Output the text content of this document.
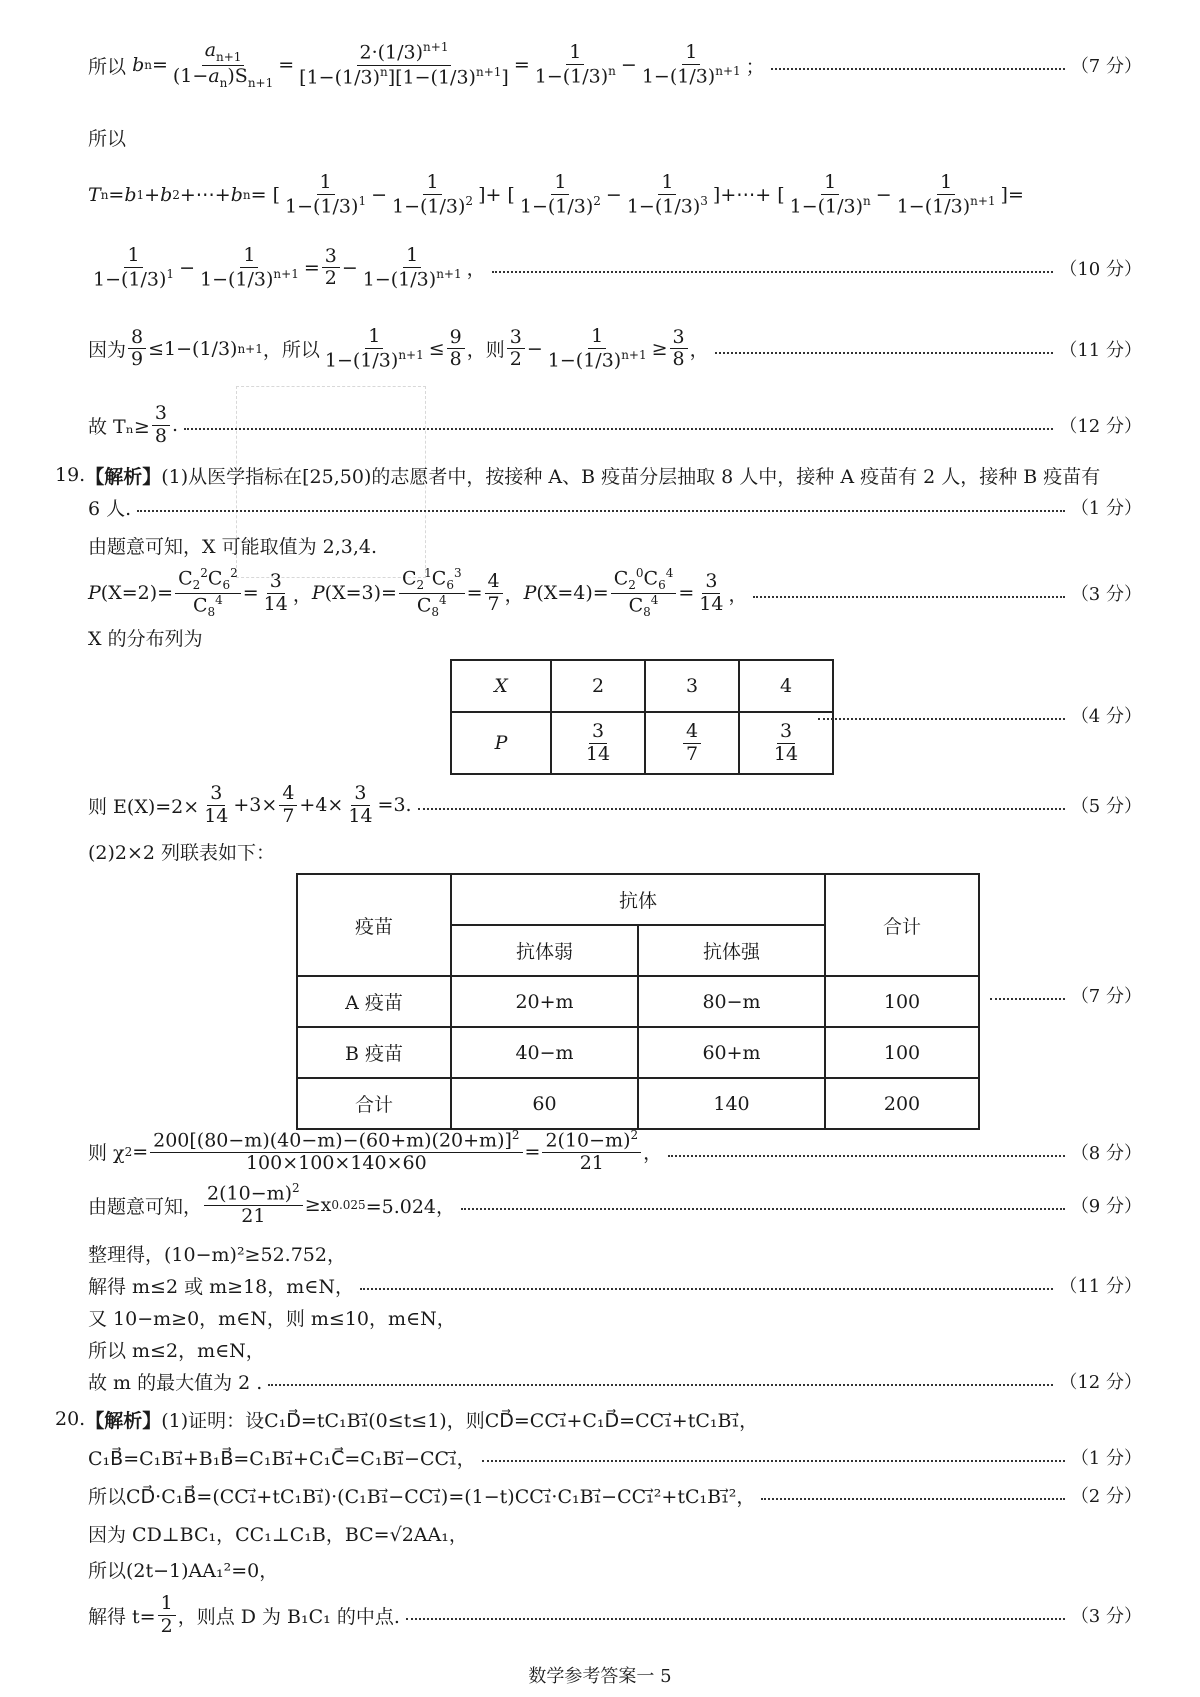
所以
b $n = \frac{a_{n+1}}{(1-a_n)S_{n+1}} = \frac{2\cdot(1/3)^{n+1}}{[1-(1/3)^n][1-(1/3)^{n+1}]} = \frac{1}{1-(1/3)^n} - \frac{1}{1-(1/3)^{n+1}}$ ；	（7 分）
所以
T n = b 1 + b 2 +⋯+ b n = [ $\frac{1}{1-(1/3)^1} - \frac{1}{1-(1/3)^2}$ ]+ [ $\frac{1}{1-(1/3)^2} - \frac{1}{1-(1/3)^3}$ ]+⋯+ [ $\frac{1}{1-(1/3)^n} - \frac{1}{1-(1/3)^{n+1}}$ ]=
$\frac{1}{1-(1/3)^1} - \frac{1}{1-(1/3)^{n+1}} = \frac{3}{2} - \frac{1}{1-(1/3)^{n+1}}$ ，	（10 分）
因为 $\frac{8}{9} \le 1-(1/3)$ n+1 ，所以 $\frac{1}{1-(1/3)^{n+1}} \le \frac{9}{8}$ ，则 $\frac{3}{2} - \frac{1}{1-(1/3)^{n+1}} \ge \frac{3}{8}$ ，	（11 分）
故 $T_n\ge \frac{3}{8}$ .	（12 分）
19. 【解析】 (1)从医学指标在[25,50)的志愿者中，按接种 A、B 疫苗分层抽取 8 人中，接种 A 疫苗有 2 人，接种 B 疫苗有
6 人.	（1 分）
由题意可知，X 可能取值为 2,3,4.
P $(X=2)= \frac{C_2^2C_6^2}{C_8^4} = \frac{3}{14}$ ， P $(X=3)= \frac{C_2^1C_6^3}{C_8^4} = \frac{4}{7}$ ， P $(X=4)= \frac{C_2^0C_6^4}{C_8^4} = \frac{3}{14}$ ，	（3 分）
X 的分布列为
X	2	3	4
P	$\frac{3}{14}$	$\frac{4}{7}$	$\frac{3}{14}$
（4 分）
则 $E(X)=2\times \frac{3}{14} +3\times \frac{4}{7} +4\times \frac{3}{14} =3$.	（5 分）
(2)2×2 列联表如下：
疫苗	抗体		合计
	抗体弱	抗体强	
A 疫苗	20+m	80−m	100
B 疫苗	40−m	60+m	100
合计	60	140	200
（7 分）
则 χ $2 = \frac{200[(80-m)(40-m)-(60+m)(20+m)]^2}{100\times 100\times 140\times 60} = \frac{2(10-m)^2}{21}$ ，	（8 分）
由题意可知， $\frac{2(10-m)^2}{21} \ge x$ 0.025 =5.024，	（9 分）
整理得，(10−m)²≥52.752，
解得 m≤2 或 m≥18，m∈N，	（11 分）
又 10−m≥0，m∈N，则 m≤10，m∈N，
所以 m≤2，m∈N，
故 m 的最大值为 2 .	（12 分）
20. 【解析】 (1)证明：设C₁D⃗=tC₁B₁⃗(0≤t≤1)，则CD⃗=CC₁⃗+C₁D⃗=CC₁⃗+tC₁B₁⃗，
C₁B⃗=C₁B₁⃗+B₁B⃗=C₁B₁⃗+C₁C⃗=C₁B₁⃗−CC₁⃗，	（1 分）
所以CD⃗·C₁B⃗=(CC₁⃗+tC₁B₁⃗)·(C₁B₁⃗−CC₁⃗)=(1−t)CC₁⃗·C₁B₁⃗−CC₁⃗²+tC₁B₁⃗²，	（2 分）
因为 CD⊥BC₁，CC₁⊥C₁B，BC=√2AA₁，
所以(2t−1)AA₁²=0，
解得 $t= \frac{1}{2}$ ，则点 D 为 B₁C₁ 的中点.	（3 分）
数学参考答案一 5
